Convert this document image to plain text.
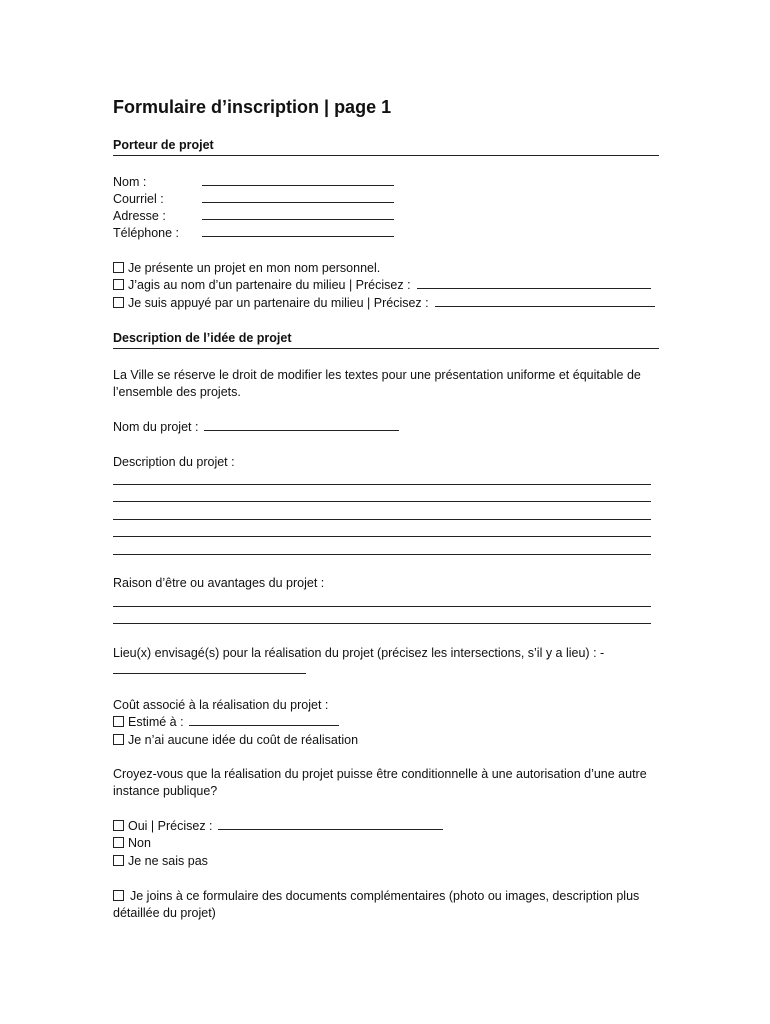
Formulaire d’inscription | page 1
Porteur de projet
Nom :
Courriel :
Adresse :
Téléphone :
Je présente un projet en mon nom personnel.
J’agis au nom d’un partenaire du milieu | Précisez :
Je suis appuyé par un partenaire du milieu | Précisez :
Description de l’idée de projet
La Ville se réserve le droit de modifier les textes pour une présentation uniforme et équitable de l’ensemble des projets.
Nom du projet :
Description du projet :
Raison d’être ou avantages du projet :
Lieu(x) envisagé(s) pour la réalisation du projet (précisez les intersections, s’il y a lieu) : -
Coût associé à la réalisation du projet :
Estimé à :
Je n’ai aucune idée du coût de réalisation
Croyez-vous que la réalisation du projet puisse être conditionnelle à une autorisation d’une autre instance publique?
Oui | Précisez :
Non
Je ne sais pas
Je joins à ce formulaire des documents complémentaires (photo ou images, description plus détaillée du projet)
